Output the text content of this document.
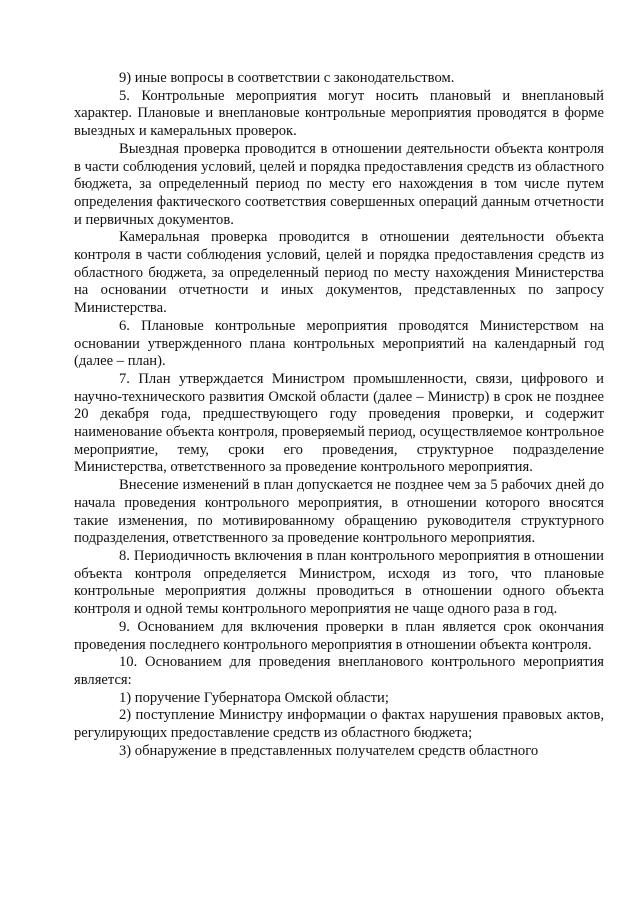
9) иные вопросы в соответствии с законодательством.

5. Контрольные мероприятия могут носить плановый и внеплановый характер. Плановые и внеплановые контрольные мероприятия проводятся в форме выездных и камеральных проверок.

Выездная проверка проводится в отношении деятельности объекта контроля в части соблюдения условий, целей и порядка предоставления средств из областного бюджета, за определенный период по месту его нахождения в том числе путем определения фактического соответствия совершенных операций данным отчетности и первичных документов.

Камеральная проверка проводится в отношении деятельности объекта контроля в части соблюдения условий, целей и порядка предоставления средств из областного бюджета, за определенный период по месту нахождения Министерства на основании отчетности и иных документов, представленных по запросу Министерства.

6. Плановые контрольные мероприятия проводятся Министерством на основании утвержденного плана контрольных мероприятий на календарный год (далее – план).

7. План утверждается Министром промышленности, связи, цифрового и научно-технического развития Омской области (далее – Министр) в срок не позднее 20 декабря года, предшествующего году проведения проверки, и содержит наименование объекта контроля, проверяемый период, осуществляемое контрольное мероприятие, тему, сроки его проведения, структурное подразделение Министерства, ответственного за проведение контрольного мероприятия.

Внесение изменений в план допускается не позднее чем за 5 рабочих дней до начала проведения контрольного мероприятия, в отношении которого вносятся такие изменения, по мотивированному обращению руководителя структурного подразделения, ответственного за проведение контрольного мероприятия.

8. Периодичность включения в план контрольного мероприятия в отношении объекта контроля определяется Министром, исходя из того, что плановые контрольные мероприятия должны проводиться в отношении одного объекта контроля и одной темы контрольного мероприятия не чаще одного раза в год.

9. Основанием для включения проверки в план является срок окончания проведения последнего контрольного мероприятия в отношении объекта контроля.

10. Основанием для проведения внепланового контрольного мероприятия является:

1) поручение Губернатора Омской области;

2) поступление Министру информации о фактах нарушения правовых актов, регулирующих предоставление средств из областного бюджета;

3) обнаружение в представленных получателем средств областного
